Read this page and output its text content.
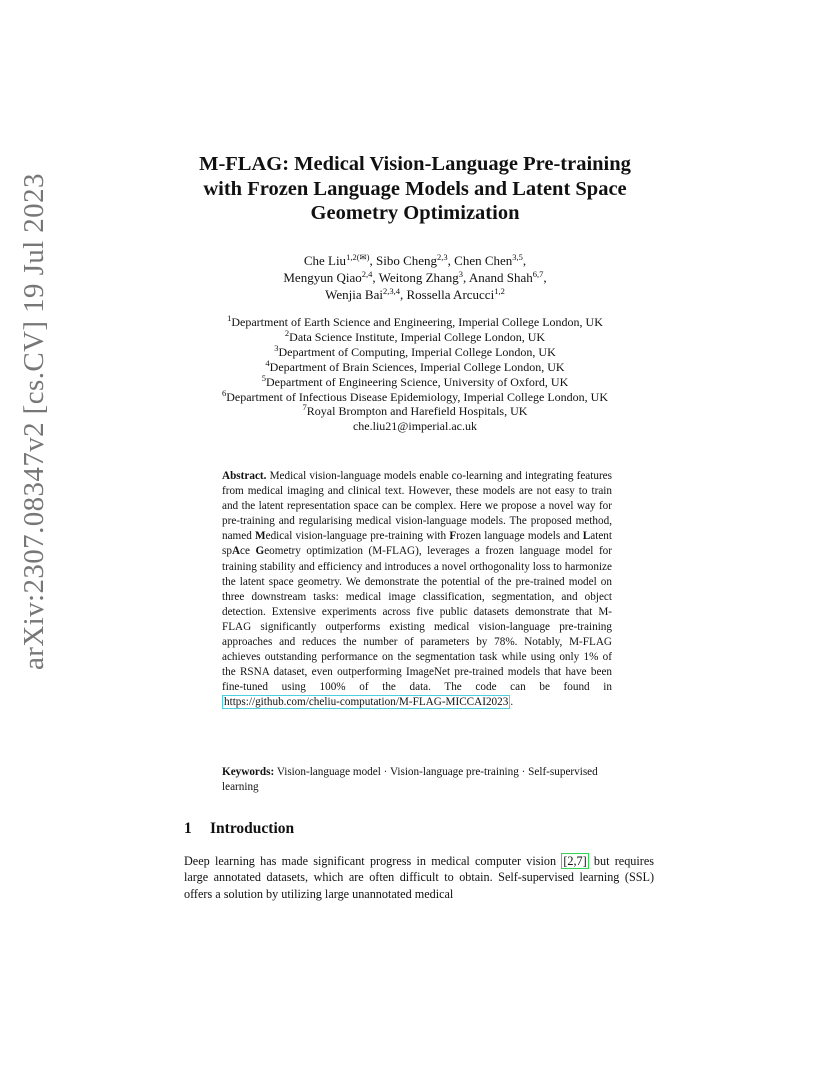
arXiv:2307.08347v2 [cs.CV] 19 Jul 2023
M-FLAG: Medical Vision-Language Pre-training
with Frozen Language Models and Latent Space
Geometry Optimization
Che Liu$^{1,2(✉)}$, Sibo Cheng$^{2,3}$, Chen Chen$^{3,5}$,
Mengyun Qiao$^{2,4}$, Weitong Zhang$^3$, Anand Shah$^{6,7}$,
Wenjia Bai$^{2,3,4}$, Rossella Arcucci$^{1,2}$
$^1$Department of Earth Science and Engineering, Imperial College London, UK
$^2$Data Science Institute, Imperial College London, UK
$^3$Department of Computing, Imperial College London, UK
$^4$Department of Brain Sciences, Imperial College London, UK
$^5$Department of Engineering Science, University of Oxford, UK
$^6$Department of Infectious Disease Epidemiology, Imperial College London, UK
$^7$Royal Brompton and Harefield Hospitals, UK
che.liu21@imperial.ac.uk
Abstract. Medical vision-language models enable co-learning and integrating features from medical imaging and clinical text. However, these models are not easy to train and the latent representation space can be complex. Here we propose a novel way for pre-training and regularising medical vision-language models. The proposed method, named Medical vision-language pre-training with Frozen language models and Latent spAce Geometry optimization (M-FLAG), leverages a frozen language model for training stability and efficiency and introduces a novel orthogonality loss to harmonize the latent space geometry. We demonstrate the potential of the pre-trained model on three downstream tasks: medical image classification, segmentation, and object detection. Extensive experiments across five public datasets demonstrate that M-FLAG significantly outperforms existing medical vision-language pre-training approaches and reduces the number of parameters by 78%. Notably, M-FLAG achieves outstanding performance on the segmentation task while using only 1% of the RSNA dataset, even outperforming ImageNet pre-trained models that have been fine-tuned using 100% of the data. The code can be found in https://github.com/cheliu-computation/M-FLAG-MICCAI2023 .
Keywords: Vision-language model · Vision-language pre-training · Self-supervised learning
1 Introduction
Deep learning has made significant progress in medical computer vision [2,7] but requires large annotated datasets, which are often difficult to obtain. Self-supervised learning (SSL) offers a solution by utilizing large unannotated medical
